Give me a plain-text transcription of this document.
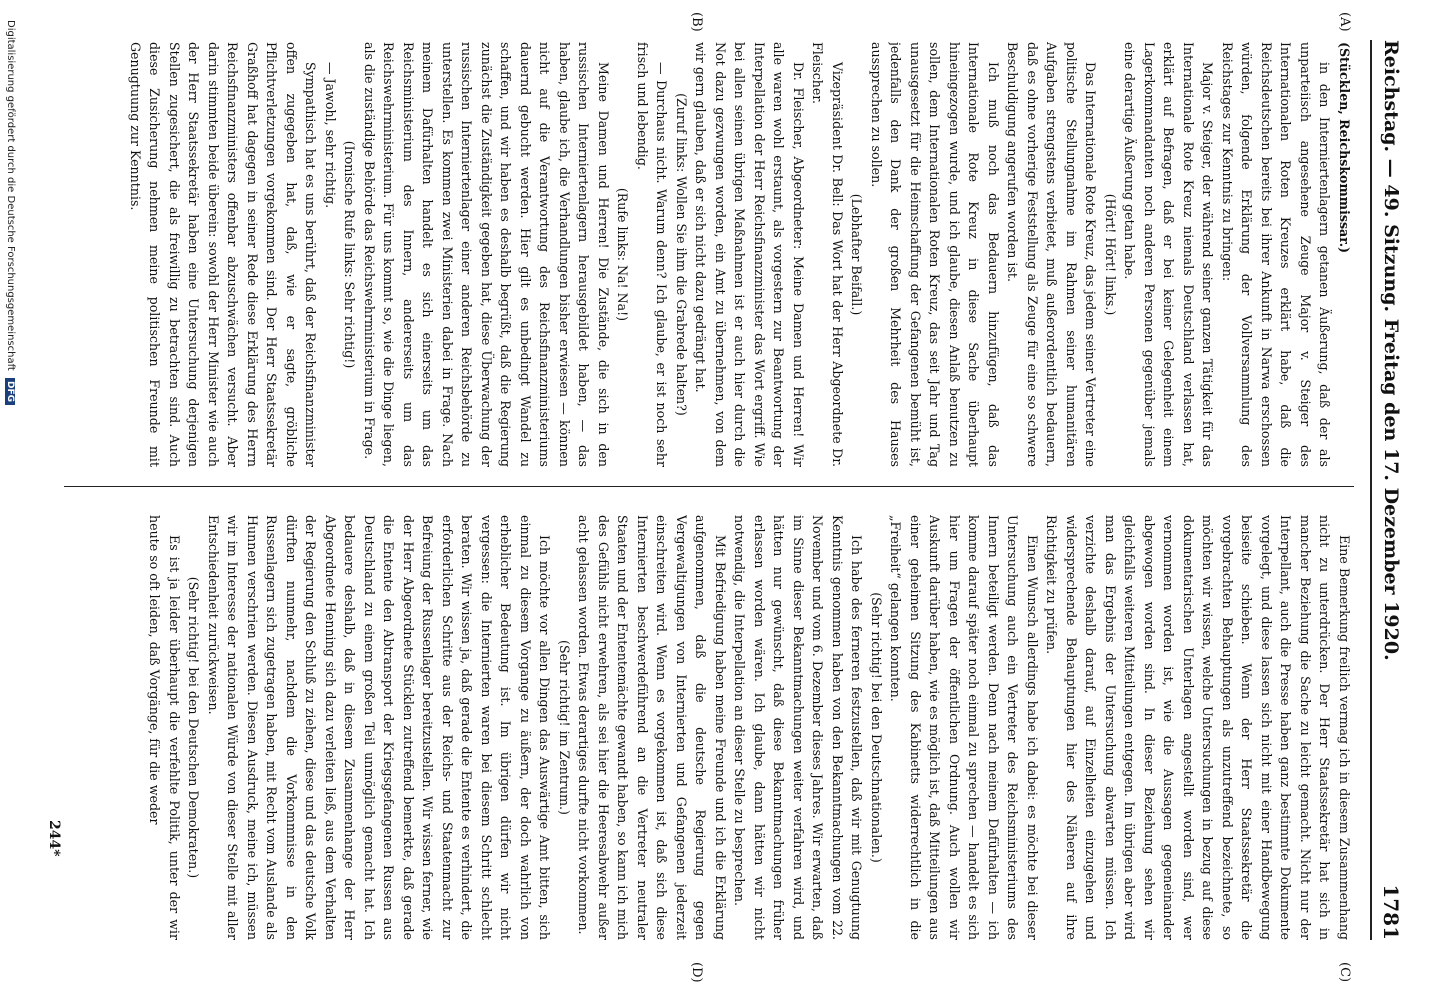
Reichstag. — 49. Sitzung. Freitag den 17. Dezember 1920.
1781
(A)
(B)
(C)
(D)

(Stücklen, Reichskommissar.)

in den Interniertenlagern getanen Äußerung, daß der als unparteiisch angesehene Zeuge Major v. Steiger des Internationalen Roten Kreuzes erklärt habe, daß die Reichsdeutschen bereits bei ihrer Ankunft in Narwa erschossen würden, folgende Erklärung der Vollversammlung des Reichstages zur Kenntnis zu bringen:

Major v. Steiger, der während seiner ganzen Tätigkeit für das Internationale Rote Kreuz niemals Deutschland verlassen hat, erklärt auf Befragen, daß er bei keiner Gelegenheit einem Lagerkommandanten noch anderen Personen gegenüber jemals eine derartige Äußerung getan habe.

(Hört! Hört! links.)

Das Internationale Rote Kreuz, das jedem seiner Vertreter eine politische Stellungnahme im Rahmen seiner humanitären Aufgaben strengstens verbietet, muß außerordentlich bedauern, daß es ohne vorherige Feststellung als Zeuge für eine so schwere Beschuldigung angerufen worden ist.

Ich muß noch das Bedauern hinzufügen, daß das Internationale Rote Kreuz in diese Sache überhaupt hineingezogen wurde, und ich glaube, diesen Anlaß benutzen zu sollen, dem Internationalen Roten Kreuz, das seit Jahr und Tag unausgesetzt für die Heimschaffung der Gefangenen bemüht ist, jedenfalls den Dank der großen Mehrheit des Hauses aussprechen zu sollen.

(Lebhafter Beifall.)

Vizepräsident Dr. Bell: Das Wort hat der Herr Abgeordnete Dr. Fleischer.

Dr. Fleischer, Abgeordneter: Meine Damen und Herren! Wir alle waren wohl erstaunt, als vorgestern zur Beantwortung der Interpellation der Herr Reichsfinanzminister das Wort ergriff. Wie bei allen seinen übrigen Maßnahmen ist er auch hier durch die Not dazu gezwungen worden, ein Amt zu übernehmen, von dem wir gern glauben, daß er sich nicht dazu gedrängt hat.

(Zuruf links: Wollen Sie ihm die Grabrede halten?)

— Durchaus nicht. Warum denn? Ich glaube, er ist noch sehr frisch und lebendig.

(Rufe links: Na! Na!)

Meine Damen und Herren! Die Zustände, die sich in den russischen Interniertenlagern herausgebildet haben, — das haben, glaube ich, die Verhandlungen bisher erwiesen — können nicht auf die Verantwortung des Reichsfinanzministeriums dauernd gebucht werden. Hier gilt es unbedingt Wandel zu schaffen, und wir haben es deshalb begrüßt, daß die Regierung zunächst die Zuständigkeit gegeben hat, diese Überwachung der russischen Interniertenlager einer anderen Reichsbehörde zu unterstellen. Es kommen zwei Ministerien dabei in Frage. Nach meinem Dafürhalten handelt es sich einerseits um das Reichsministerium des Innern, andererseits um das Reichswehrministerium. Für uns kommt so, wie die Dinge liegen, als die zuständige Behörde das Reichswehrministerium in Frage.

(Ironische Rufe links: Sehr richtig!)

— Jawohl, sehr richtig.

Sympathisch hat es uns berührt, daß der Reichsfinanzminister offen zugegeben hat, daß, wie er sagte, gröbliche Pflichtverletzungen vorgekommen sind. Der Herr Staatssekretär Graßhoff hat dagegen in seiner Rede diese Erklärung des Herrn Reichsfinanzministers offenbar abzuschwächen versucht. Aber darin stimmten beide überein: sowohl der Herr Minister wie auch der Herr Staatssekretär haben eine Untersuchung derjenigen Stellen zugesichert, die als freiwillig zu betrachten sind. Auch diese Zusicherung nehmen meine politischen Freunde mit Genugtuung zur Kenntnis.

Eine Bemerkung freilich vermag ich in diesem Zusammenhang nicht zu unterdrücken. Der Herr Staatssekretär hat sich in mancher Beziehung die Sache zu leicht gemacht. Nicht nur der Interpellant, auch die Presse haben ganz bestimmte Dokumente vorgelegt, und diese lassen sich nicht mit einer Handbewegung beiseite schieben. Wenn der Herr Staatssekretär die vorgebrachten Behauptungen als unzutreffend bezeichnete, so möchten wir wissen, welche Untersuchungen in bezug auf diese dokumentarischen Unterlagen angestellt worden sind, wer vernommen worden ist, wie die Aussagen gegeneinander abgewogen worden sind. In dieser Beziehung sehen wir gleichfalls weiteren Mitteilungen entgegen. Im übrigen aber wird man das Ergebnis der Untersuchung abwarten müssen. Ich verzichte deshalb darauf, auf Einzelheiten einzugehen und widersprechende Behauptungen hier des Näheren auf ihre Richtigkeit zu prüfen.

Einen Wunsch allerdings habe ich dabei: es möchte bei dieser Untersuchung auch ein Vertreter des Reichsministeriums des Innern beteiligt werden. Denn nach meinem Dafürhalten — ich komme darauf später noch einmal zu sprechen — handelt es sich hier um Fragen der öffentlichen Ordnung. Auch wollen wir Auskunft darüber haben, wie es möglich ist, daß Mitteilungen aus einer geheimen Sitzung des Kabinetts widerrechtlich in die „Freiheit“ gelangen konnten.

(Sehr richtig! bei den Deutschnationalen.)

Ich habe des ferneren festzustellen, daß wir mit Genugtuung Kenntnis genommen haben von den Bekanntmachungen vom 22. November und vom 6. Dezember dieses Jahres. Wir erwarten, daß im Sinne dieser Bekanntmachungen weiter verfahren wird, und hätten nur gewünscht, daß diese Bekanntmachungen früher erlassen worden wären. Ich glaube, dann hätten wir nicht notwendig, die Interpellation an dieser Stelle zu besprechen.

Mit Befriedigung haben meine Freunde und ich die Erklärung aufgenommen, daß die deutsche Regierung gegen Vergewaltigungen von Internierten und Gefangenen jederzeit einschreiten wird. Wenn es vorgekommen ist, daß sich diese Internierten beschwerdeführend an die Vertreter neutraler Staaten und der Ententemächte gewandt haben, so kann ich mich des Gefühls nicht erwehren, als sei hier die Heeresabwehr außer acht gelassen worden. Etwas derartiges durfte nicht vorkommen.

(Sehr richtig! im Zentrum.)

Ich möchte vor allen Dingen das Auswärtige Amt bitten, sich einmal zu diesem Vorgange zu äußern, der doch wahrlich von erheblicher Bedeutung ist. Im übrigen dürfen wir nicht vergessen: die Internierten waren bei diesem Schritt schlecht beraten. Wir wissen ja, daß gerade die Entente es verhindert, die erforderlichen Schritte aus der Reichs- und Staatenmacht zur Befreiung der Russenlager bereitzustellen. Wir wissen ferner, wie der Herr Abgeordnete Stücklen zutreffend bemerkte, daß gerade die Entente den Abtransport der Kriegsgefangenen Russen aus Deutschland zu einem großen Teil unmöglich gemacht hat. Ich bedauere deshalb, daß in diesem Zusammenhange der Herr Abgeordnete Henning sich dazu verleiten ließ, aus dem Verhalten der Regierung den Schluß zu ziehen, diese und das deutsche Volk dürften nunmehr, nachdem die Vorkommnisse in den Russenlagern sich zugetragen haben, mit Recht vom Auslande als Hunnen verschrien werden. Diesen Ausdruck, meine ich, müssen wir im Interesse der nationalen Würde von dieser Stelle mit aller Entschiedenheit zurückweisen.

(Sehr richtig! bei den Deutschen Demokraten.)

Es ist ja leider überhaupt die verfehlte Politik, unter der wir heute so oft leiden, daß Vorgänge, für die weder

244*
Digitalisierung gefördert durch die Deutsche Forschungsgemeinschaft DFG
